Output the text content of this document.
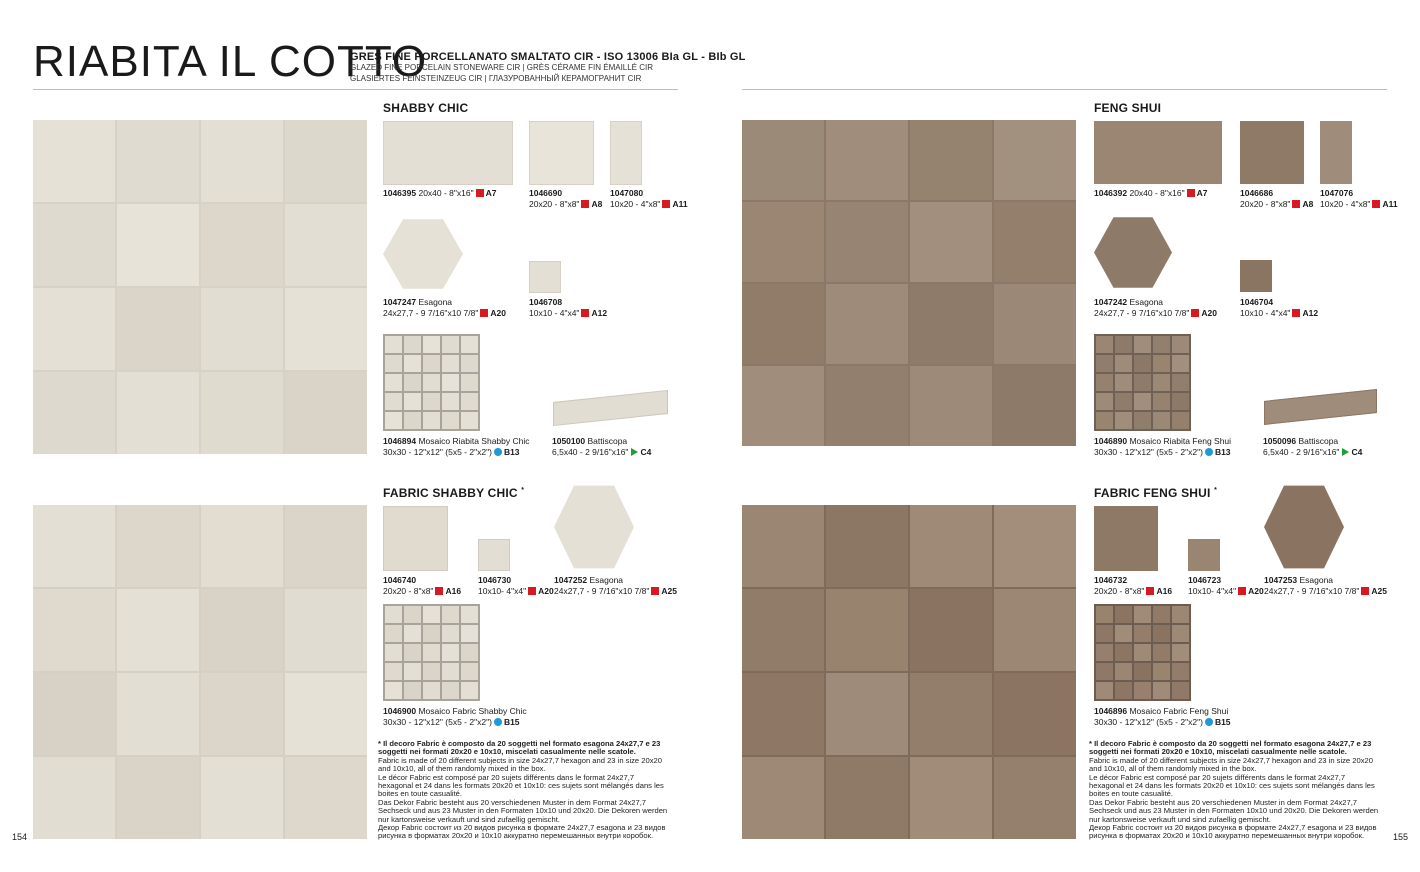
RIABITA IL COTTO
GRES FINE PORCELLANATO SMALTATO CIR - ISO 13006 BIa GL - BIb GL
GLAZED FINE PORCELAIN STONEWARE CIR | GRÈS CÉRAME FIN ÉMAILLÉ CIR
GLASIERTES FEINSTEINZEUG CIR | ГЛАЗУРОВАННЫЙ КЕРАМОГРАНИТ CIR
SHABBY CHIC
1046395 20x40 - 8"x16" A7	1046690
20x20 - 8"x8" A8
1047080
10x20 - 4"x8" A11
1047247 Esagona
24x27,7 - 9 7/16"x10 7/8" A20
1046708
10x10 - 4"x4" A12
1046894 Mosaico Riabita Shabby Chic
30x30 - 12"x12" (5x5 - 2"x2") B13
1050100 Battiscopa
6,5x40 - 2 9/16"x16" C4
FABRIC SHABBY CHIC *
1046740
20x20 - 8"x8" A16
1046730
10x10- 4"x4" A20
1047252 Esagona
24x27,7 - 9 7/16"x10 7/8" A25
1046900 Mosaico Fabric Shabby Chic
30x30 - 12"x12" (5x5 - 2"x2") B15
* Il decoro Fabric è composto da 20 soggetti nel formato esagona 24x27,7 e 23 soggetti nei formati 20x20 e 10x10, miscelati casualmente nelle scatole.
Fabric is made of 20 different subjects in size 24x27,7 hexagon and 23 in size 20x20 and 10x10, all of them randomly mixed in the box.
Le décor Fabric est composé par 20 sujets différents dans le format 24x27,7 hexagonal et 24 dans les formats 20x20 et 10x10: ces sujets sont mélangés dans les boites en toute casualité.
Das Dekor Fabric besteht aus 20 verschiedenen Muster in dem Format 24x27,7 Sechseck und aus 23 Muster in den Formaten 10x10 und 20x20. Die Dekoren werden nur kartonsweise verkauft und sind zufaellig gemischt.
Декор Fabric состоит из 20 видов рисунка в формате 24x27,7 esagona и 23 видов рисунка в форматах 20x20 и 10x10 аккуратно перемешанных внутри коробок.
154
FENG SHUI
1046392 20x40 - 8"x16" A7	1046686
20x20 - 8"x8" A8
1047076
10x20 - 4"x8" A11
1047242 Esagona
24x27,7 - 9 7/16"x10 7/8" A20
1046704
10x10 - 4"x4" A12
1046890 Mosaico Riabita Feng Shui
30x30 - 12"x12" (5x5 - 2"x2") B13
1050096 Battiscopa
6,5x40 - 2 9/16"x16" C4
FABRIC FENG SHUI *
1046732
20x20 - 8"x8" A16
1046723
10x10- 4"x4" A20
1047253 Esagona
24x27,7 - 9 7/16"x10 7/8" A25
1046896 Mosaico Fabric Feng Shui
30x30 - 12"x12" (5x5 - 2"x2") B15
* Il decoro Fabric è composto da 20 soggetti nel formato esagona 24x27,7 e 23 soggetti nei formati 20x20 e 10x10, miscelati casualmente nelle scatole.
Fabric is made of 20 different subjects in size 24x27,7 hexagon and 23 in size 20x20 and 10x10, all of them randomly mixed in the box.
Le décor Fabric est composé par 20 sujets différents dans le format 24x27,7 hexagonal et 24 dans les formats 20x20 et 10x10: ces sujets sont mélangés dans les boites en toute casualité.
Das Dekor Fabric besteht aus 20 verschiedenen Muster in dem Format 24x27,7 Sechseck und aus 23 Muster in den Formaten 10x10 und 20x20. Die Dekoren werden nur kartonsweise verkauft und sind zufaellig gemischt.
Декор Fabric состоит из 20 видов рисунка в формате 24x27,7 esagona и 23 видов рисунка в форматах 20x20 и 10x10 аккуратно перемешанных внутри коробок.	155
